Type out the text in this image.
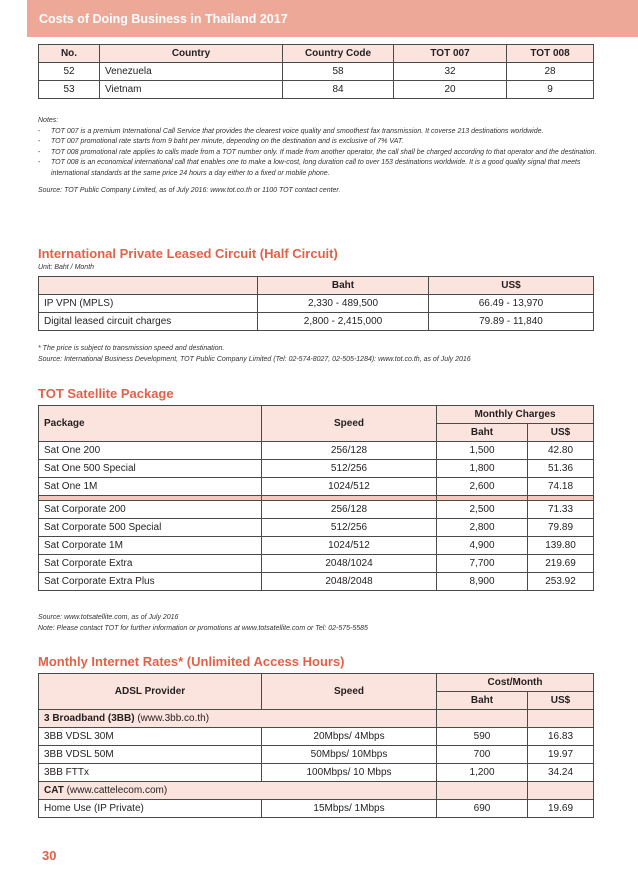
Costs of Doing Business in Thailand 2017
No.	Country	Country Code	TOT 007	TOT 008
52	Venezuela	58	32	28
53	Vietnam	84	20	9
Notes:
- TOT 007 is a premium International Call Service that provides the clearest voice quality and smoothest fax transmission. It coverse 213 destinations worldwide.
- TOT 007 promotional rate starts from 9 baht per minute, depending on the destination and is exclusive of 7% VAT.
- TOT 008 promotional rate applies to calls made from a TOT number only. If made from another operator, the call shall be charged according to that operator and the destination.
- TOT 008 is an economical international call that enables one to make a low-cost, long duration call to over 153 destinations worldwide. It is a good quality signal that meets international standards at the same price 24 hours a day either to a fixed or mobile phone.
Source: TOT Public Company Limited, as of July 2016: www.tot.co.th or 1100 TOT contact center.
International Private Leased Circuit (Half Circuit)
Unit: Baht / Month
	Baht	US$
IP VPN (MPLS)	2,330 - 489,500	66.49 - 13,970
Digital leased circuit charges	2,800 - 2,415,000	79.89 - 11,840
* The price is subject to transmission speed and destination.
Source: International Business Development, TOT Public Company Limited (Tel: 02-574-8027, 02-505-1284): www.tot.co.th, as of July 2016
TOT Satellite Package
Package	Speed	Monthly Charges	
		Baht	US$
Sat One 200	256/128	1,500	42.80
Sat One 500 Special	512/256	1,800	51.36
Sat One 1M	1024/512	2,600	74.18

Sat Corporate 200	256/128	2,500	71.33
Sat Corporate 500 Special	512/256	2,800	79.89
Sat Corporate 1M	1024/512	4,900	139.80
Sat Corporate Extra	2048/1024	7,700	219.69
Sat Corporate Extra Plus	2048/2048	8,900	253.92
Source: www.totsatellite.com, as of July 2016
Note: Please contact TOT for further information or promotions at www.totsatellite.com or Tel: 02-575-5585
Monthly Internet Rates* (Unlimited Access Hours)
ADSL Provider	Speed	Cost/Month	
		Baht	US$
3 Broadband (3BB) (www.3bb.co.th)			
3BB VDSL 30M	20Mbps/ 4Mbps	590	16.83
3BB VDSL 50M	50Mbps/ 10Mbps	700	19.97
3BB FTTx	100Mbps/ 10 Mbps	1,200	34.24
CAT (www.cattelecom.com)			
Home Use (IP Private)	15Mbps/ 1Mbps	690	19.69
30
